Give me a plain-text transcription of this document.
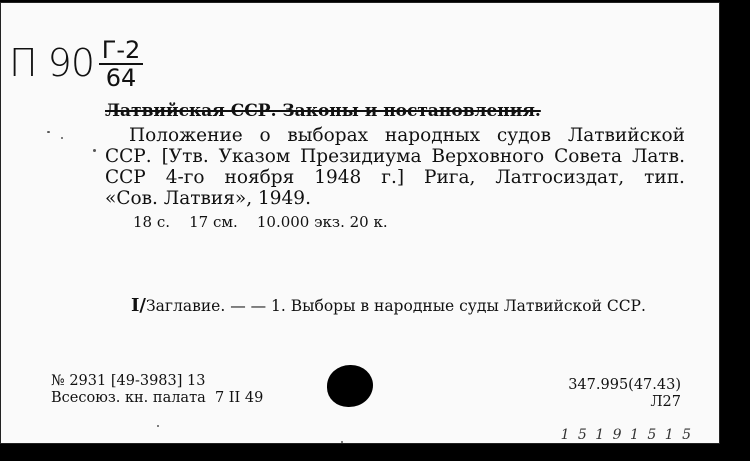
П 90 Г-2
64
Латвийская ССР. Законы и постановления.
Положение о выборах народных судов Латвийской
ССР. [Утв. Указом Президиума Верховного Совета Латв.
ССР 4-го ноября 1948 г.] Рига, Латгосиздат, тип.
«Сов. Латвия», 1949.
18 с.    17 см.    10.000 экз. 20 к.
I/Заглавие. — — 1. Выборы в народные суды Латвийской ССР.
№ 2931 [49-3983] 13
Всесоюз. кн. палата  7 II 49
347.995(47.43)
Л27
1 5 1 9 1 5 1 5
